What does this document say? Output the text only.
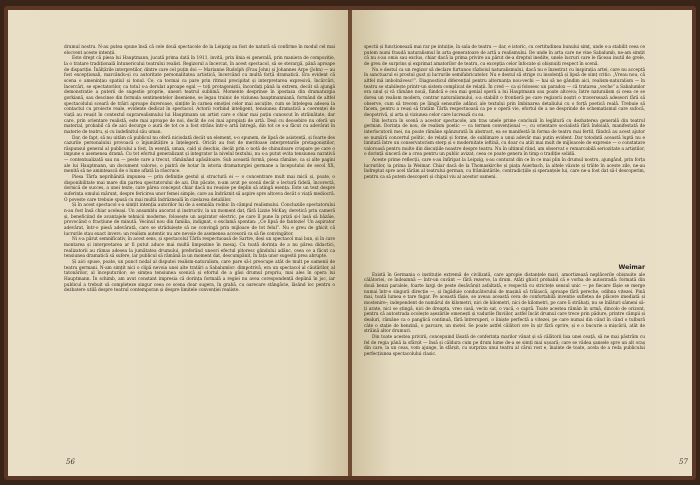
drumul nostru. N-au putea spune însă că cele două spectacole de la Leipzig au fost de natură să confirme în modul cel mai elocvent aceste intenții.

Este drept că piesa lui Hauptmann, jucată prima dată în 1911, invită, prin linia ei generală, prin maniera de compoziție, la o tratare tradițională întunericului teatrului realist. Regizorul a încercat, în acest spectacol, să se sterargă, până aproape de dispariție. Înălțările interpretilor, dintre care cel puțin doi — Marianne Rudolph (Frau John) și Johannes Arpe (John) — au fost excepționali, marcându-și cu autoritate personalitatea artistică, încercând cu multă forță dramatică. Era evident că scena o amenințau spatiul și tonul. Ce, ca tocmai ca pare prin ritmul precipitat și interpretarea expresivă, încărcări, încercări, se spectatorilor, ca totul s-a derulat aproape egal — toți protagoniștii, încordați până la extrem, decât să ajungă demonstratie a puterii de sugestie proprie, uneori teatrul sublimă. Momente desprinse în ipostaza din dramaturgia gorkiană, sau descinse din formula sentimentelor ibseniene, se legau trainic de viziunea hauptmanniană, formând de altfel spectacolului sceară de trăiri aproape dureroase, simțite în carnea emoției celor mai ascuțite, cum se înțelegea adesea la contactul cu proiecte reale, evidente dedicat în spectacol. Actorii vorbind inteligent, tensiunea dramatică a coerenței de viață au reușit în contextul suprarealismului lui Hauptmann un artist care e chiar mai puțin cunoscut în străinătate, dar care, prin orientare realistă, este mai aproape de noi, decât de cei mai apropiați de artă. Deși cu deosebire nu oferă un material, probabil că de aici decurge o aură de tot ce a fost strâns într-o artă întregă, din tot ce s-a făcut cu adevărat în materie de teatru, și cu indefinitul său uman.

Dar, de fapt, să nu uităm că publicul nu oferă niciodată decât un element, s-o spunem, de lipsă de asistență, și foarte des cazurile personalului provoacă o înjumătățire a înțelegerii. Oricât au fost de meritoase interpretarile protagoniștilor, răspunsul general al publicului a fost, în esență, uman, cald și deschis, decât prin o notă de chinuitoare crispare pe care o impune o asemenea dramă. Cu tot efortul generalizant și integrator la nivelul textului, nu s-a putut evita tensiunea narativă — contextualizată sau nu — peste care a trecut, rămânând apăsătoare. Sub această formă, piesa rămâne, ca și alte pagini ale lui Hauptmann, un document valoros, o piatră de hotar în istoria dramaturgiei germane a începutului de secol XX, menită să ne amintească de o lume aflată la răscruce.

Piesa Tărfa neprihănită impunea — prin definiție gestul și structură ei — o concentrare mult mai mică și, poate, o disponibilitate mai mare din partea spectatorului de azi. Din păcate, n-am avut pe scenă decât o lectură fidelă, încorectă, dornică de succes, a unei texte, care pârea conceput chiar dacă nu reușise pe deplin să atingă esența. Este un text despre suferința omului mărunt, despre fericirea unor femei simple, care au îndrăznit să aspire spre altceva decât o viață mediocră. O poveste care trebuie spusă cu mai multă îndrăzneală în cizelarea detaliilor.

Și în acest spectacol s-a simțit intenția autorilor lui de a semnăla rodnic în câmpul realismului. Concluziile spectatorului n-au fost însă chiar aceleași. Un ansamblu ancorat și instructiv, la un moment dat, fără Lizzie McKay, deretică prin cameră și, beneficiind de avantajele tehnicii moderne, folosește un aspirator electric, pe care îl pune în priză și-l lasă să bâzâie, provocând o fracțiune de minută. Vecinul nou din familia, indignat, o exclamă spontan: „Ce lipsă de fantezie! Un aspirator adevărat, într-o piesă adevărată, care se străduiește să ne convingă prin mijloace de tot felul”. Nu e greu de ghicit că lucrurile stau exact invers: un realism autentic nu are nevoie de asemenea accesorii ca să fie convingător.

Ni s-a părut semnificativ, în acest sens, și spectacolul Tărfa respectuoasă de Sartre, deși un spectacol mai bun, și în care montarea și interpretarea ar fi putut aduce mai multă limpezime în mesaj. Cu toată dorința de a nu părea didactici, realizatorii au rămas adesea la jumătatea drumului, preferând uneori efectul pitoresc gândului adânc, ceea ce a făcut ca tensiunea dramatică să sufere, iar publicul să rămână la un moment dat, descumpănit, în fața unor sugestii prea abrupte.

Și aici spuse, poate, un punct nodal al disputei realism-naturalism, care pare să-i preocupe atât de mult pe oamenii de teatru germani. N-am simțit nici o clipă nevoia unei alte tratări a Sabalumlor: dimpotrivă, era un spectacol al căutărilor, al tatonărilor, al începuturilor; se simțea tensiunea scenică și efortul de a găsi drumul propriu, mai ales în opera lui Hauptmann. În schimb, am avut constant impresia că dorința formală a regiei nu avea corespondență deplină în joc, iar publicul a trebuit să completeze singur ceea ce scena doar sugera, în grabă, cu oarecare stângăcie, lăsând loc pentru o dezbatere utilă despre teatrul contemporan și despre limitele convenției realiste.

56

spectii și funcționează mai rar pe intuiție, în sala de teatru — dar, e istoric, cu certitudinea bunului simț, unde s-a stabilit ceea ce putem numi fraudă naturalismul în arta generatoare de artă a realismului. De unde în arta care ne vine Sabalumb, ne-am simțit că nu s-au omis sau exclus, chiar dacă la prima privire au părut de-a dreptul inedite, unele lucruri care le făceau inutil de grele, de greu de surprins și exprimat amatorilor de teatru, cu excepția celor înfocate și obișnuiți respect în scenă.

Nu e destul ca un regizor să declare furtunos războiul naturalismului, dacă nu e înzestrat cu inspirația artei, care nu acceptă în sanctuarul ei prostul gust și lucrurile semifabricatelor. Nu e destul să strige cu insolență și lipsă de simț critic: „Vreau nou, că altfel mă imbolnăvesc!”. Diagnosticul diferențial pentru alternanța nou-vechi — hai să ne gândim aici, realism-naturalism — în teatru se stabilește printr-un sistem complicat de relații. În cred — ca și folosesc un paradox — că tratarea „veche” a Sabalumlor era unul și vă rămâne nouă, fiindcă e cea mai genial operă a lui Hauptmann sau poate altceva; între naturalism și ceea ce se dorea un realism modern, contrar naturalismului, s-a stabilit o frontieră pe care regizorii noștri o traversează adeseori fără să observe, cum să trecem pe lângă sensurile adânci ale textului prin îmbinarea detaliului cu o forță poetică reală. Trebuie să facem, pentru a reuși să tratăm Tărfa respectuoasă ca pe o operă vie, efortul de a ne desprinde de schematismul care sufocă, deopotrivă, și arta și viziunea celor care lucrează cu ea.

Din lectura în scenă a acestor spectacole, am tras unele prime concluzii în legătură cu dezbaterea generală din teatrul german. Dorința de nou, de realism poetic — ca termen convențional —, cu orientare socialistă fără îndoială, manifestată de interlocutorii mei, nu poate rămâne spânzurată în abstract, ea se manifestă în forma de teatru mai fertil, fiindcă au acest ajutor se numără concertul politic, de relații și forme, de sublimare a unui adevăr mai puțin evident. Dar totodată această luptă nu e limitată între un conservatorism sterp și o modernitate ieftină, cu doar cu atât mai mult de mijloacele de expresie — o constatare valoroasă pentru multe din discuțiile noastre despre teatru. Nu în ultimul rând, am observat o remarcabilă seriozitate a artiștilor, o dorință sinceră de a crea pentru un public avizat, ceea ce poate genera în timp o tradiție solidă.

Aceste prime reflecții, care s-au înfiripat la Leipzig, s-au conturat din ce în ce mai plin în drumul nostru, ajungând, prin forța lucrurilor, la prima la Weimar. Chiar dacă de la Thomaskirche și piața Auerbach, la altele văzute și trăite în aceste zile, ne-au îndreptat spre acel tărâm al teatrului german, cu frământările, contradicțiile și speranțele lui, care ne-a fost dat să-l descoperim, pentru ca să putem descoperi și chipul viu al acestor oameni.

Weimar

Există în Germania o instituție extremă de civilizată, care apropie distanțele mari, amortizează neplăcerile obișnuite ale călătoriei, ce îndeamnă — într-un cuvânt — fără rezerve, la drum. Atâți ghicit probabil că e vorba de autostradă: formată din două benzi paralele, foarte largi de peste desăvârșit asfaltată, e respectă cu strictețe sensul unic — pe fiecare fâșie se merge numai într-o singură direcție —, și îngăduie conducătorului de mașină să trăiască, aproape fără pereche, odihna vitezei. Pină mai, toată lumea e tare fugar. Pe această fâșie, se aveau această ceva de confortabilă inventie sufletea de plăcere imediată și mostenire-; independent de numărul de kilometri, nici de kilometri, nici de kilometri, pe care îi străbați, nu se înlături sâmeni să-ți arate, nici se știngă, nici de dreapta, vreo casă, vecin sat, o vacă, o capră. Toate acestea rămân în urmă, dincolo de orizont, pentru că autostrada ocolește așezările omenești și vadurile fluviilor, astfel încât drumul care trece prin pădure, printre câmpii și dealuri, rămâne ca o panglică continuă, fără întreruperi, o liniște perfectă a vitezei, pe care numai din când în când o tulbură câte o stație de benzină, o parcare, un motel. Se poate astfel călători ore în șir fără oprire, și e o bucurie a mișcării, atât de străină altor drumuri.

Din toate acestea privirii, concepuind lăsată de conferința marilor vânat și să călătorii lisa unei ceață, să ne mai păstrăm cu fel de regia până la sfârșit — însă și căldura cum pe drum lume de-a se simți mai ușoară; care se vădea șansele spre un alt oraș din care, la un ceas, vom ajunge, în sfârșit, cu surpriza unui teatru al cărui rost e, înainte de toate, acela de a reda publicului perfecțiunea spectacolului clasic.

57
